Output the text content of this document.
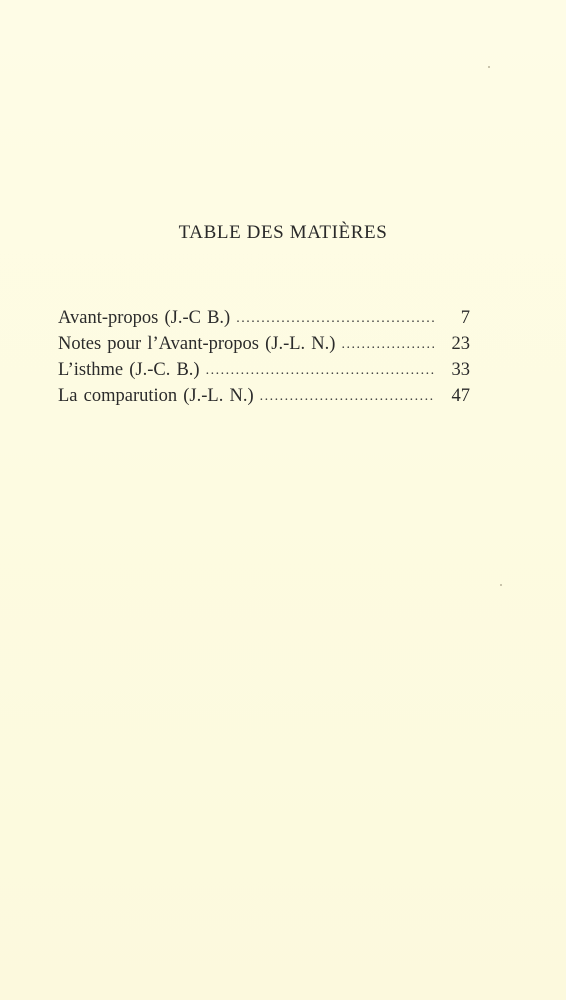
TABLE DES MATIÈRES
Avant-propos (J.-C B.) . . .	7
Notes pour l’Avant-propos (J.-L. N.) . . .	23
L’isthme (J.-C. B.) . . .	33
La comparution (J.-L. N.) . . .	47
